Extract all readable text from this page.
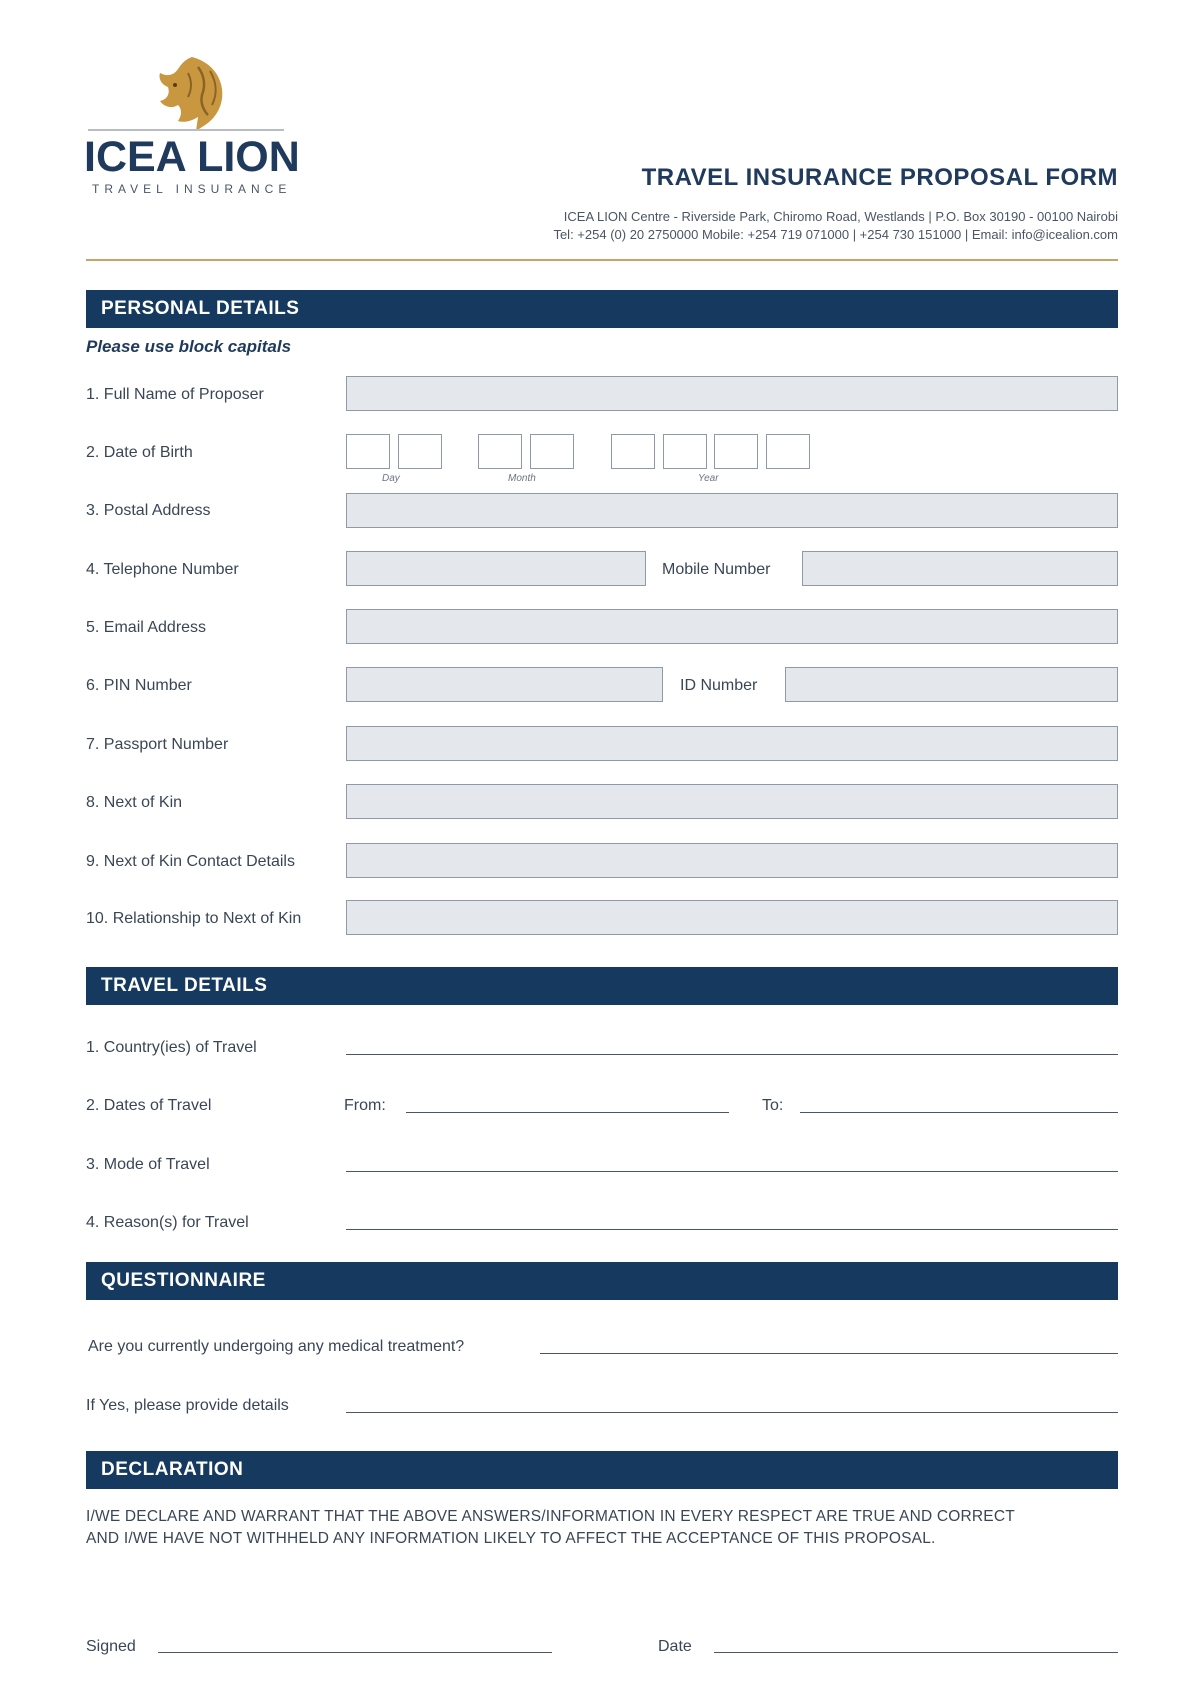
ICEA LION
TRAVEL INSURANCE	TRAVEL INSURANCE PROPOSAL FORM
ICEA LION Centre - Riverside Park, Chiromo Road, Westlands | P.O. Box 30190 - 00100 Nairobi
Tel: +254 (0) 20 2750000 Mobile: +254 719 071000 | +254 730 151000 | Email: info@icealion.com
PERSONAL DETAILS
Please use block capitals
1. Full Name of Proposer
2. Date of Birth
Day	Month	Year
3. Postal Address
4. Telephone Number	Mobile Number
5. Email Address
6. PIN Number	ID Number
7. Passport Number
8. Next of Kin
9. Next of Kin Contact Details
10. Relationship to Next of Kin
TRAVEL DETAILS
1. Country(ies) of Travel
2. Dates of Travel	From:	To:
3. Mode of Travel
4. Reason(s) for Travel
QUESTIONNAIRE
Are you currently undergoing any medical treatment?
If Yes, please provide details
DECLARATION
I/WE DECLARE AND WARRANT THAT THE ABOVE ANSWERS/INFORMATION IN EVERY RESPECT ARE TRUE AND CORRECT
AND I/WE HAVE NOT WITHHELD ANY INFORMATION LIKELY TO AFFECT THE ACCEPTANCE OF THIS PROPOSAL.
Signed	Date
